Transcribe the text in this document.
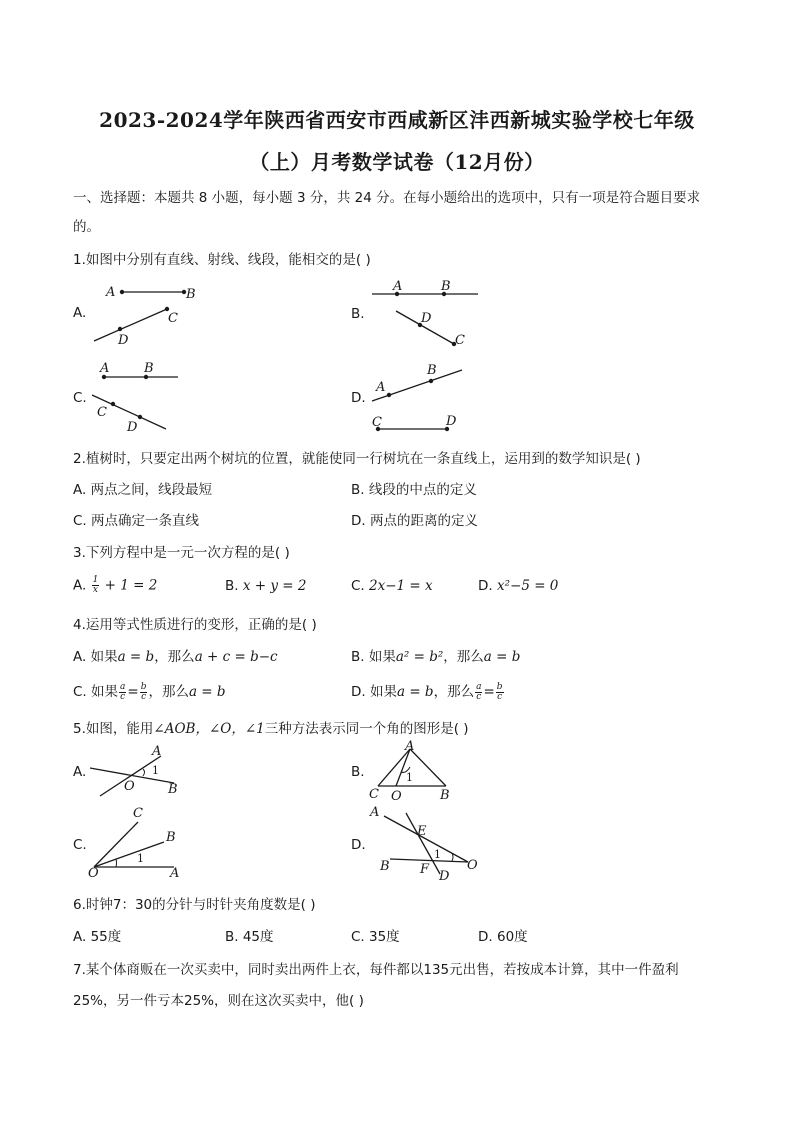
2023-2024学年陕西省西安市西咸新区沣西新城实验学校七年级
（上）月考数学试卷（12月份）
一、选择题：本题共 8 小题，每小题 3 分，共 24 分。在每小题给出的选项中，只有一项是符合题目要求
的。
1.如图中分别有直线、射线、线段，能相交的是( )
A.
A	B
C
D
B.
A	B
C
D
C.
A	B
C
D
D.
A
B
C	D
2.植树时，只要定出两个树坑的位置，就能使同一行树坑在一条直线上，运用到的数学知识是( )
A. 两点之间，线段最短	B. 线段的中点的定义
C. 两点确定一条直线	D. 两点的距离的定义
3.下列方程中是一元一次方程的是( )
A. $\frac{1}{x} + 1 = 2$	B. x + y = 2	C. 2x−1 = x	D. x²−5 = 0
4.运用等式性质进行的变形，正确的是( )
A. 如果a = b，那么a + c = b−c	B. 如果a² = b²，那么a = b
C. 如果 $\frac{a}{c} = \frac{b}{c}$ ，那么a = b	D. 如果a = b，那么 $\frac{a}{c} = \frac{b}{c}$
5.如图，能用∠AOB，∠O，∠1三种方法表示同一个角的图形是( )
A.
A
O	B
1	B.
A
C O	B
1
C.
C
B
O	A
1
D.
A
E
B F D
O
1
6.时钟7：30的分针与时针夹角度数是( )
A. 55度	B. 45度	C. 35度	D. 60度
7.某个体商贩在一次买卖中，同时卖出两件上衣，每件都以135元出售，若按成本计算，其中一件盈利
25%，另一件亏本25%，则在这次买卖中，他( )
